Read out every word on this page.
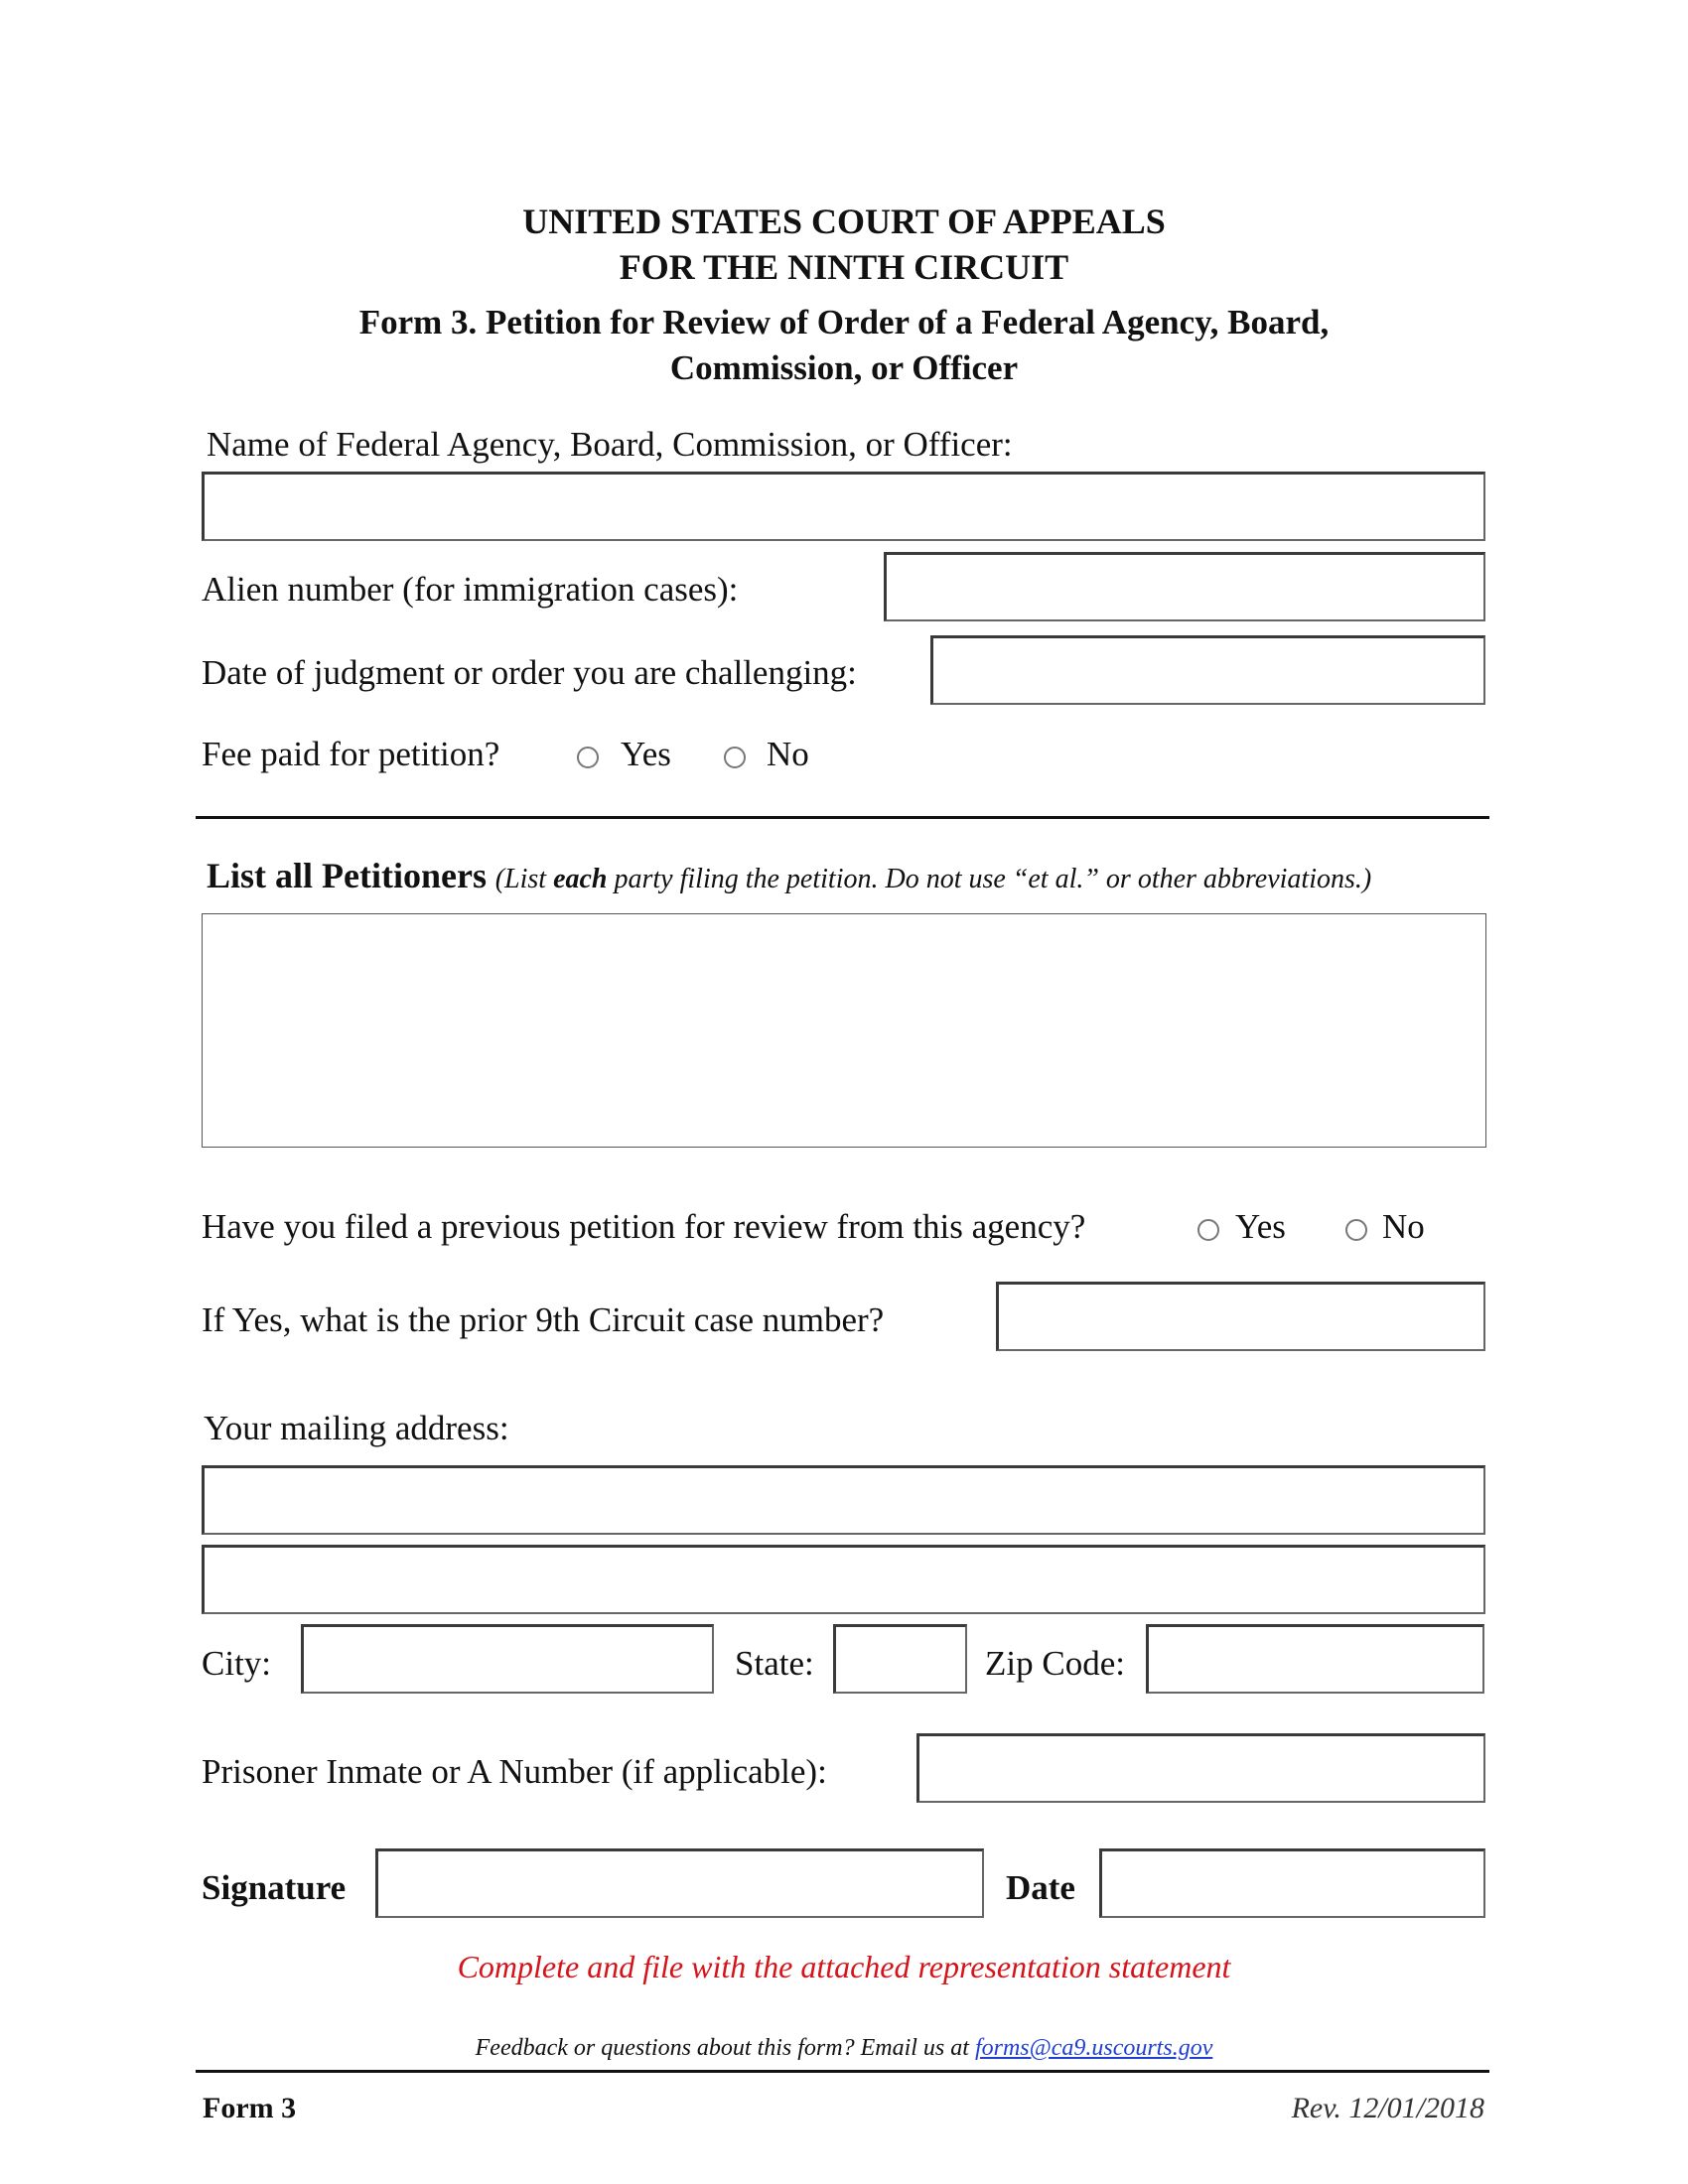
UNITED STATES COURT OF APPEALS
FOR THE NINTH CIRCUIT
Form 3. Petition for Review of Order of a Federal Agency, Board,
Commission, or Officer
Name of Federal Agency, Board, Commission, or Officer:
Alien number (for immigration cases):
Date of judgment or order you are challenging:
Fee paid for petition?	Yes	No
List all Petitioners (List each party filing the petition. Do not use “et al.” or other abbreviations.)
Have you filed a previous petition for review from this agency?	Yes	No
If Yes, what is the prior 9th Circuit case number?
Your mailing address:
City:	State:	Zip Code:
Prisoner Inmate or A Number (if applicable):
Signature	Date
Complete and file with the attached representation statement
Feedback or questions about this form? Email us at forms@ca9.uscourts.gov
Form 3	Rev. 12/01/2018
